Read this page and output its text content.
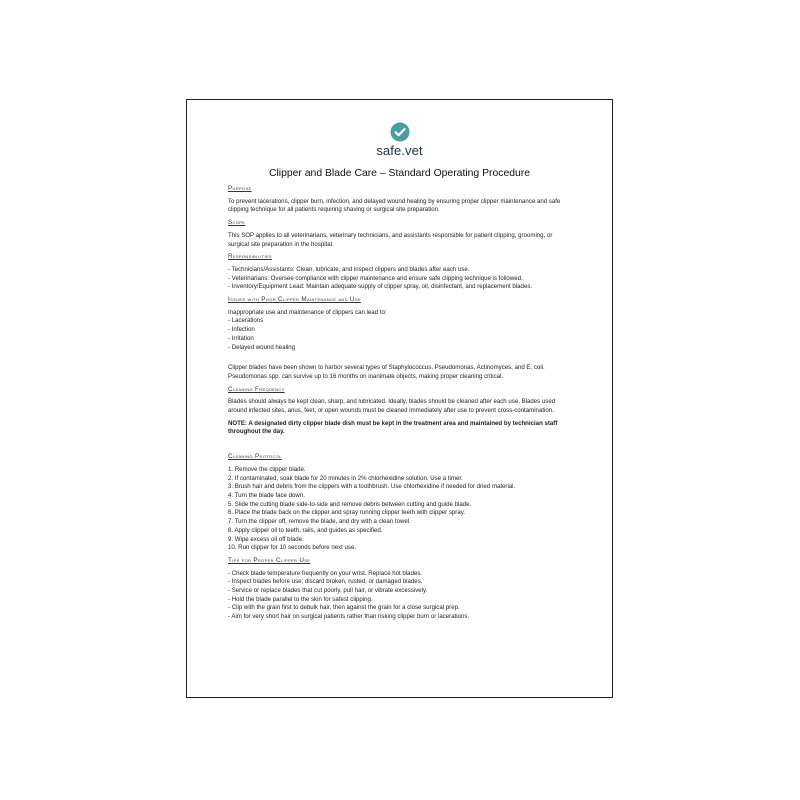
safe.vet
Clipper and Blade Care – Standard Operating Procedure
Purpose

To prevent lacerations, clipper burn, infection, and delayed wound healing by ensuring proper clipper maintenance and safe clipping technique for all patients requiring shaving or surgical site preparation.

Scope

This SOP applies to all veterinarians, veterinary technicians, and assistants responsible for patient clipping, grooming, or surgical site preparation in the hospital.

Responsibilities
- Technicians/Assistants: Clean, lubricate, and inspect clippers and blades after each use.
- Veterinarians: Oversee compliance with clipper maintenance and ensure safe clipping technique is followed.
- Inventory/Equipment Lead: Maintain adequate supply of clipper spray, oil, disinfectant, and replacement blades.
Issues with Poor Clipper Maintenance and Use

Inappropriate use and maintenance of clippers can lead to:

- Lacerations
- Infection
- Irritation
- Delayed wound healing

Clipper blades have been shown to harbor several types of Staphylococcus, Pseudomonas, Actinomyces, and E. coli. Pseudomonas spp. can survive up to 16 months on inanimate objects, making proper cleaning critical.

Cleaning Frequency

Blades should always be kept clean, sharp, and lubricated. Ideally, blades should be cleaned after each use. Blades used around infected sites, anus, feet, or open wounds must be cleaned immediately after use to prevent cross-contamination.

NOTE: A designated dirty clipper blade dish must be kept in the treatment area and maintained by technician staff throughout the day.

Cleaning Protocol
1. Remove the clipper blade.
2. If contaminated, soak blade for 20 minutes in 2% chlorhexidine solution. Use a timer.
3. Brush hair and debris from the clippers with a toothbrush. Use chlorhexidine if needed for dried material.
4. Turn the blade face down.
5. Slide the cutting blade side-to-side and remove debris between cutting and guide blade.
6. Place the blade back on the clipper and spray running clipper teeth with clipper spray.
7. Turn the clipper off, remove the blade, and dry with a clean towel.
8. Apply clipper oil to teeth, rails, and guides as specified.
9. Wipe excess oil off blade.
10. Run clipper for 10 seconds before next use.
Tips for Proper Clipper Use
- Check blade temperature frequently on your wrist. Replace hot blades.
- Inspect blades before use; discard broken, rusted, or damaged blades.
- Service or replace blades that cut poorly, pull hair, or vibrate excessively.
- Hold the blade parallel to the skin for safest clipping.
- Clip with the grain first to debulk hair, then against the grain for a close surgical prep.
- Aim for very short hair on surgical patients rather than risking clipper burn or lacerations.
